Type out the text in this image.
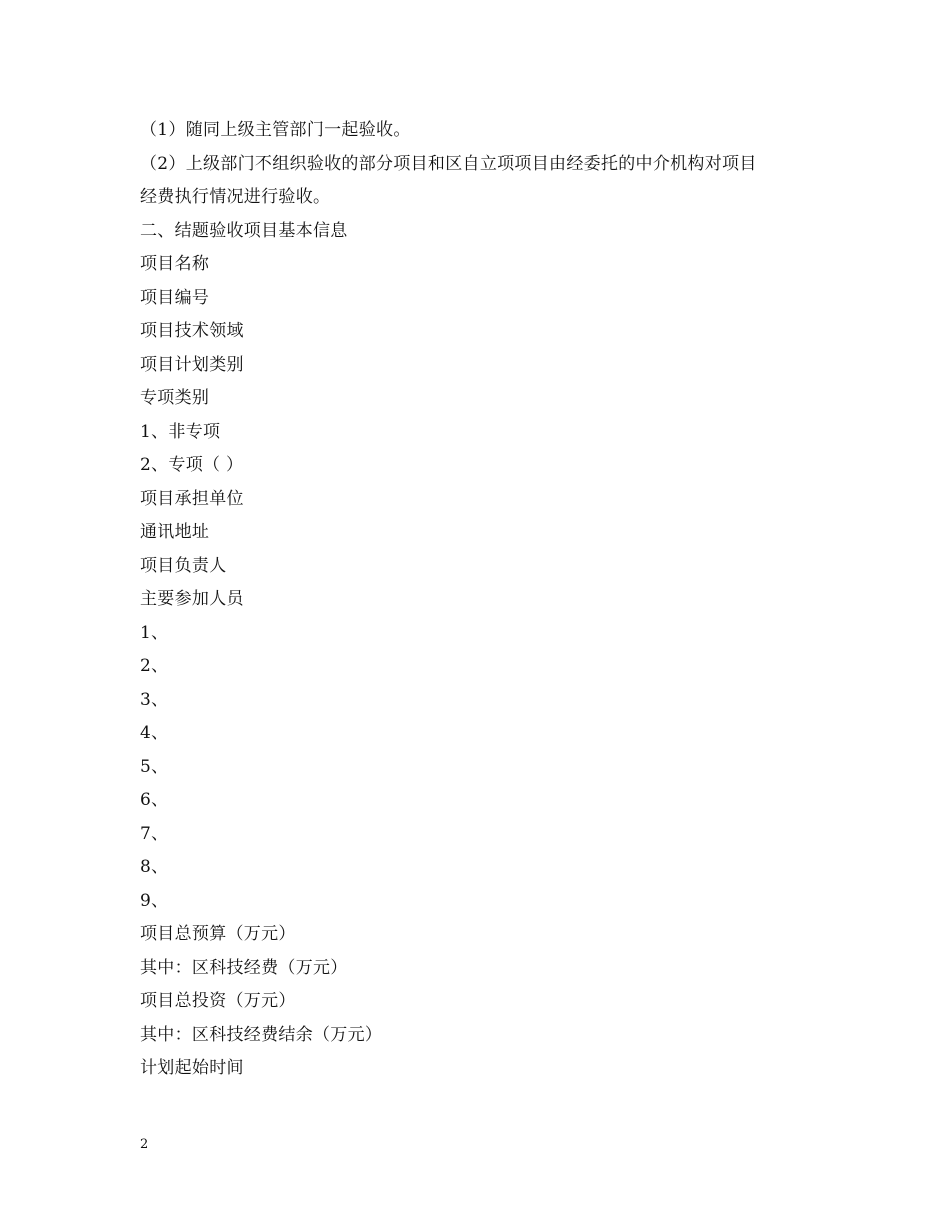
（1）随同上级主管部门一起验收。
（2）上级部门不组织验收的部分项目和区自立项项目由经委托的中介机构对项目
经费执行情况进行验收。
二、结题验收项目基本信息
项目名称
项目编号
项目技术领域
项目计划类别
专项类别
1、非专项
2、专项（ ）
项目承担单位
通讯地址
项目负责人
主要参加人员
1、
2、
3、
4、
5、
6、
7、
8、
9、
项目总预算（万元）
其中：区科技经费（万元）
项目总投资（万元）
其中：区科技经费结余（万元）
计划起始时间
2
